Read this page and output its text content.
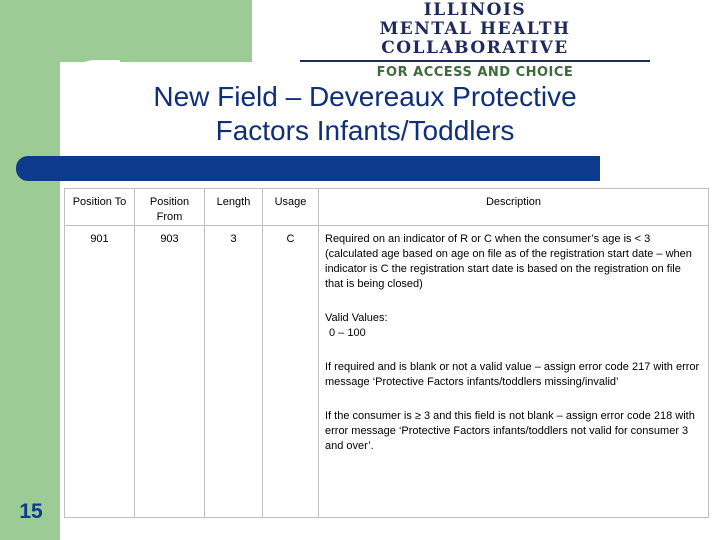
ILLINOIS
MENTAL HEALTH COLLABORATIVE
FOR ACCESS AND CHOICE
New Field – Devereaux Protective
Factors Infants/Toddlers
Position To	Position From	Length	Usage	Description
901	903	3	C	Required on an indicator of R or C when the consumer’s age is < 3 (calculated age based on age on file as of the registration start date – when indicator is C the registration start date is based on the registration on file that is being closed)

Valid Values:

0 – 100

If required and is blank or not a valid value – assign error code 217 with error message ‘Protective Factors infants/toddlers missing/invalid’

If the consumer is ≥ 3 and this field is not blank – assign error code 218 with error message ‘Protective Factors infants/toddlers not valid for consumer 3 and over’.

15
